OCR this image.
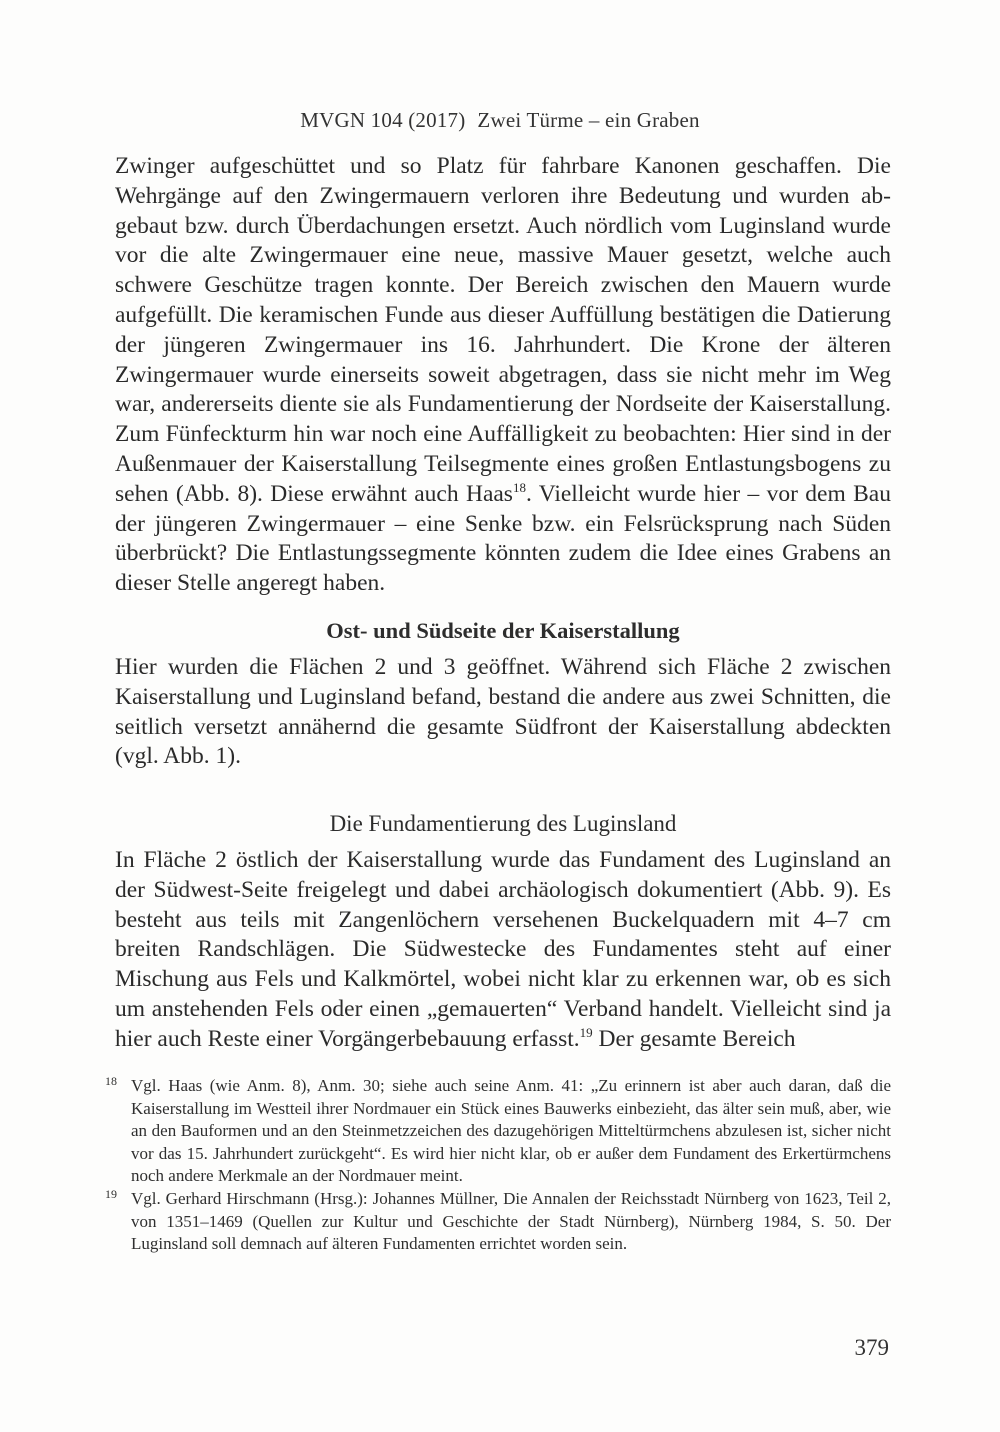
MVGN 104 (2017) Zwei Türme – ein Graben
Zwinger aufgeschüttet und so Platz für fahrbare Kanonen geschaffen. Die Wehrgänge auf den Zwingermauern verloren ihre Bedeutung und wurden abgebaut bzw. durch Überdachungen ersetzt. Auch nördlich vom Luginsland wurde vor die alte Zwingermauer eine neue, massive Mauer gesetzt, welche auch schwere Geschütze tragen konnte. Der Bereich zwischen den Mauern wurde aufgefüllt. Die keramischen Funde aus dieser Auffüllung bestätigen die Datierung der jüngeren Zwingermauer ins 16. Jahrhundert. Die Krone der älteren Zwingermauer wurde einerseits soweit abgetragen, dass sie nicht mehr im Weg war, andererseits diente sie als Fundamentierung der Nordseite der Kaiserstallung. Zum Fünfeckturm hin war noch eine Auffälligkeit zu beobachten: Hier sind in der Außenmauer der Kaiserstallung Teilsegmente eines großen Entlastungsbogens zu sehen (Abb. 8). Diese erwähnt auch Haas$^{18}$. Vielleicht wurde hier – vor dem Bau der jüngeren Zwingermauer – eine Senke bzw. ein Felsrücksprung nach Süden überbrückt? Die Entlastungssegmente könnten zudem die Idee eines Grabens an dieser Stelle angeregt haben.
Ost- und Südseite der Kaiserstallung
Hier wurden die Flächen 2 und 3 geöffnet. Während sich Fläche 2 zwischen Kaiserstallung und Luginsland befand, bestand die andere aus zwei Schnitten, die seitlich versetzt annähernd die gesamte Südfront der Kaiserstallung abdeckten (vgl. Abb. 1).
Die Fundamentierung des Luginsland
In Fläche 2 östlich der Kaiserstallung wurde das Fundament des Luginsland an der Südwest-Seite freigelegt und dabei archäologisch dokumentiert (Abb. 9). Es besteht aus teils mit Zangenlöchern versehenen Buckelquadern mit 4–7 cm breiten Randschlägen. Die Südwestecke des Fundamentes steht auf einer Mischung aus Fels und Kalkmörtel, wobei nicht klar zu erkennen war, ob es sich um anstehenden Fels oder einen „gemauerten“ Verband handelt. Vielleicht sind ja hier auch Reste einer Vorgängerbebauung erfasst.$^{19}$ Der gesamte Bereich
18 Vgl. Haas (wie Anm. 8), Anm. 30; siehe auch seine Anm. 41: „Zu erinnern ist aber auch daran, daß die Kaiserstallung im Westteil ihrer Nordmauer ein Stück eines Bauwerks einbezieht, das älter sein muß, aber, wie an den Bauformen und an den Steinmetzzeichen des dazugehörigen Mitteltürmchens abzulesen ist, sicher nicht vor das 15. Jahrhundert zurückgeht“. Es wird hier nicht klar, ob er außer dem Fundament des Erkertürmchens noch andere Merkmale an der Nordmauer meint.
19 Vgl. Gerhard Hirschmann (Hrsg.): Johannes Müllner, Die Annalen der Reichsstadt Nürnberg von 1623, Teil 2, von 1351–1469 (Quellen zur Kultur und Geschichte der Stadt Nürnberg), Nürnberg 1984, S. 50. Der Luginsland soll demnach auf älteren Fundamenten errichtet worden sein.
379
